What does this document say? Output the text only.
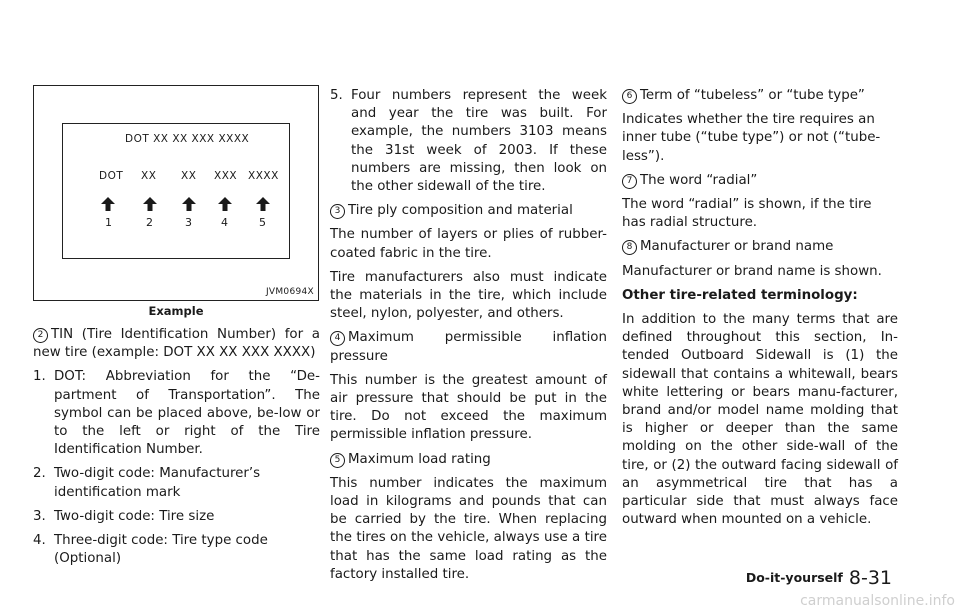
DOT XX XX XXX XXXX
DOT XX XX XXX XXXX
1	2	3	4	5
JVM0694X
Example

2 TIN (Tire Identification Number) for a new tire (example: DOT XX XX XXX XXXX)

1. DOT: Abbreviation for the “De-partment of Transportation”. The symbol can be placed above, be-low or to the left or right of the Tire Identification Number.
2. Two-digit code: Manufacturer’s identification mark
3. Two-digit code: Tire size
4. Three-digit code: Tire type code (Optional)
5. Four numbers represent the week and year the tire was built. For example, the numbers 3103 means the 31st week of 2003. If these numbers are missing, then look on the other sidewall of the tire.

3 Tire ply composition and material

The number of layers or plies of rubber-coated fabric in the tire.

Tire manufacturers also must indicate the materials in the tire, which include steel, nylon, polyester, and others.

4 Maximum permissible inflation pressure

This number is the greatest amount of air pressure that should be put in the tire. Do not exceed the maximum permissible inflation pressure.

5 Maximum load rating

This number indicates the maximum load in kilograms and pounds that can be carried by the tire. When replacing the tires on the vehicle, always use a tire that has the same load rating as the factory installed tire.

6 Term of “tubeless” or “tube type”

Indicates whether the tire requires an inner tube (“tube type”) or not (“tube-less”).

7 The word “radial”

The word “radial” is shown, if the tire has radial structure.

8 Manufacturer or brand name

Manufacturer or brand name is shown.

Other tire-related terminology:

In addition to the many terms that are defined throughout this section, In-tended Outboard Sidewall is (1) the sidewall that contains a whitewall, bears white lettering or bears manu-facturer, brand and/or model name molding that is higher or deeper than the same molding on the other side-wall of the tire, or (2) the outward facing sidewall of an asymmetrical tire that has a particular side that must always face outward when mounted on a vehicle.

Do-it-yourself 8-31
carmanualsonline.info
